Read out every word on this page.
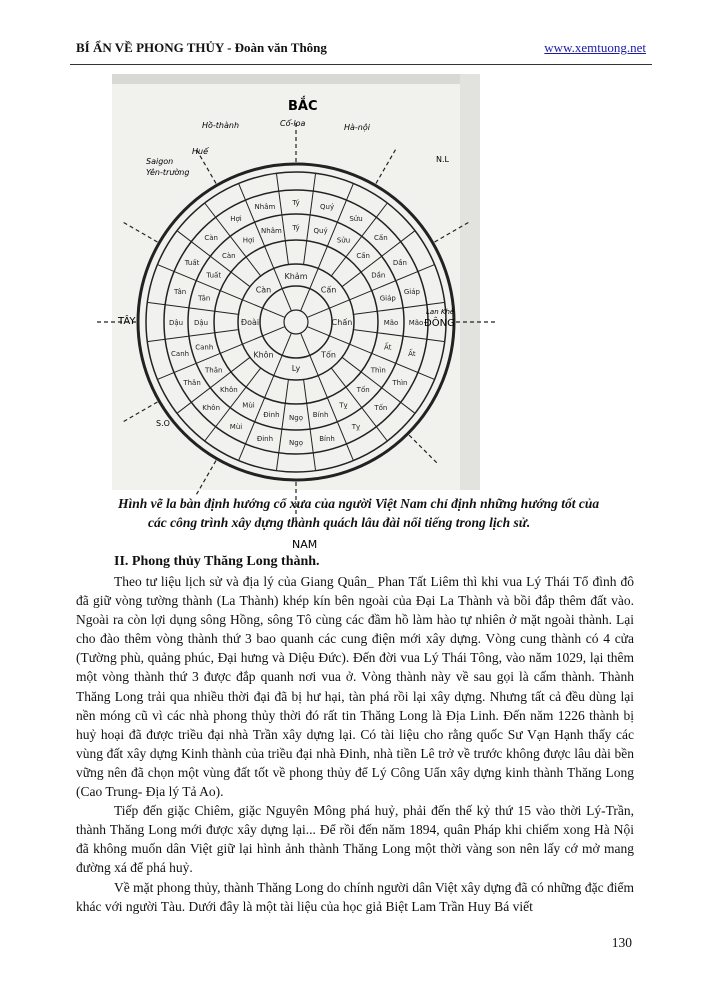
BÍ ẨN VỀ PHONG THỦY - Đoàn văn Thông	www.xemtuong.net
Tý
Tý
Quý
Quý
Sửu
Sửu	Cấn
Cấn
Dần
Dần
Giáp
Giáp
Mão
Mão
Ất
Ất
Thìn
Thìn
Tốn
Tốn
Tỵ
Tỵ
Bính
Bính
Ngọ
Ngọ
Đinh
Đinh
Mùi
Mùi
Khôn
Khôn
Thân
Thân
Canh
Canh
Dậu Dậu
Tân
Tân
Tuất
Tuất
Càn
Càn
Hợi
Hợi
Nhâm
Nhâm
Khôn
Đoài
Càn
Khảm
Cấn
Chấn
Tốn
Ly
BẮC
NAM
ĐÔNG
TÂY
Lan Khê
N.L
S.O
Cổ-loa
Hồ-thành	Hà-nội
Huế
Saigon
Yên-trường
Hình vẽ la bàn định hướng cổ xưa của người Việt Nam chỉ định những hướng tốt của
các công trình xây dựng thành quách lâu đài nổi tiếng trong lịch sử.
II. Phong thủy Thăng Long thành.

Theo tư liệu lịch sử và địa lý của Giang Quân_ Phan Tất Liêm thì khi vua Lý Thái Tổ đình đô đã giữ vòng tường thành (La Thành) khép kín bên ngoài của Đại La Thành và bồi đắp thêm đất vào. Ngoài ra còn lợi dụng sông Hồng, sông Tô cùng các đầm hồ làm hào tự nhiên ở mặt ngoài thành. Lại cho đào thêm vòng thành thứ 3 bao quanh các cung điện mới xây dựng. Vòng cung thành có 4 cửa (Tường phù, quảng phúc, Đại hưng và Diệu Đức). Đến đời vua Lý Thái Tông, vào năm 1029, lại thêm một vòng thành thứ 3 được đắp quanh nơi vua ở. Vòng thành này về sau gọi là cấm thành. Thành Thăng Long trải qua nhiều thời đại đã bị hư hại, tàn phá rồi lại xây dựng. Nhưng tất cả đều dùng lại nền móng cũ vì các nhà phong thủy thời đó rất tin Thăng Long là Địa Linh. Đến năm 1226 thành bị huỷ hoại đã được triều đại nhà Trần xây dựng lại. Có tài liệu cho rằng quốc Sư Vạn Hạnh thấy các vùng đất xây dựng Kinh thành của triều đại nhà Đinh, nhà tiền Lê trở về trước không được lâu dài bền vững nên đã chọn một vùng đất tốt về phong thủy để Lý Công Uẩn xây dựng kinh thành Thăng Long (Cao Trung- Địa lý Tả Ao).

Tiếp đến giặc Chiêm, giặc Nguyên Mông phá huỷ, phải đến thế kỷ thứ 15 vào thời Lý-Trần, thành Thăng Long mới được xây dựng lại... Để rồi đến năm 1894, quân Pháp khi chiếm xong Hà Nội đã không muốn dân Việt giữ lại hình ảnh thành Thăng Long một thời vàng son nên lấy cớ mở mang đường xá để phá huỷ.

Về mặt phong thủy, thành Thăng Long do chính người dân Việt xây dựng đã có những đặc điểm khác với người Tàu. Dưới đây là một tài liệu của học giả Biệt Lam Trần Huy Bá viết

130
